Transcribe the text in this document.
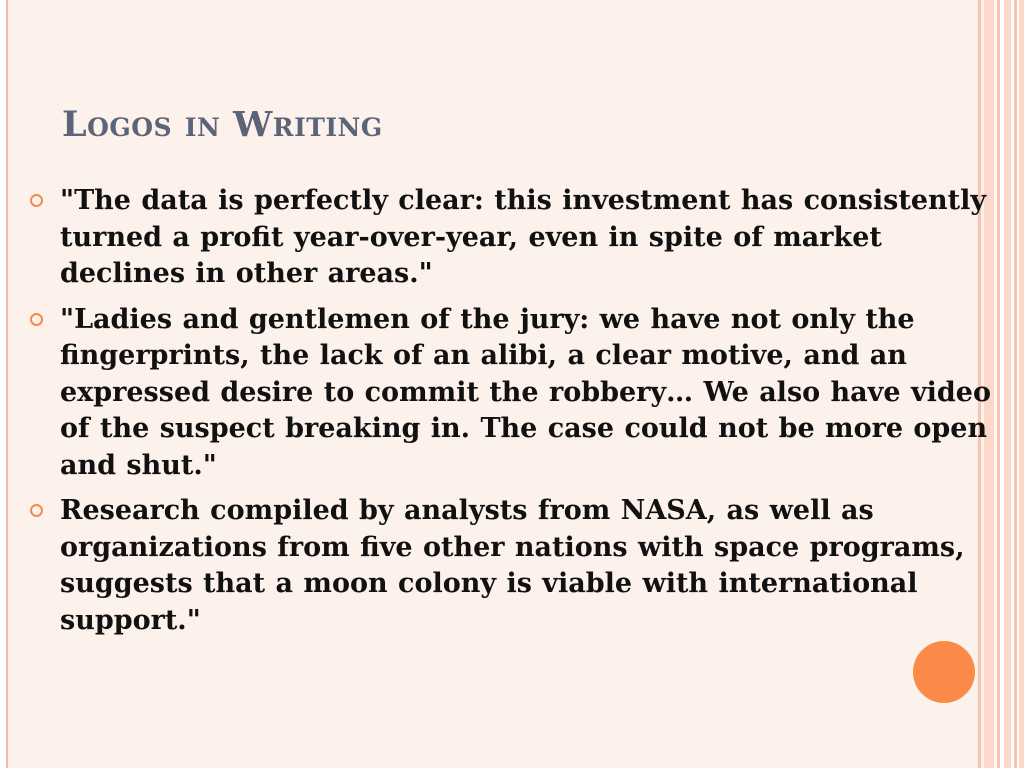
Logos in Writing
"The data is perfectly clear: this investment has consistently turned a profit year-over-year, even in spite of market declines in other areas."
"Ladies and gentlemen of the jury: we have not only the fingerprints, the lack of an alibi, a clear motive, and an expressed desire to commit the robbery… We also have video of the suspect breaking in. The case could not be more open and shut."
Research compiled by analysts from NASA, as well as organizations from five other nations with space programs, suggests that a moon colony is viable with international support."
